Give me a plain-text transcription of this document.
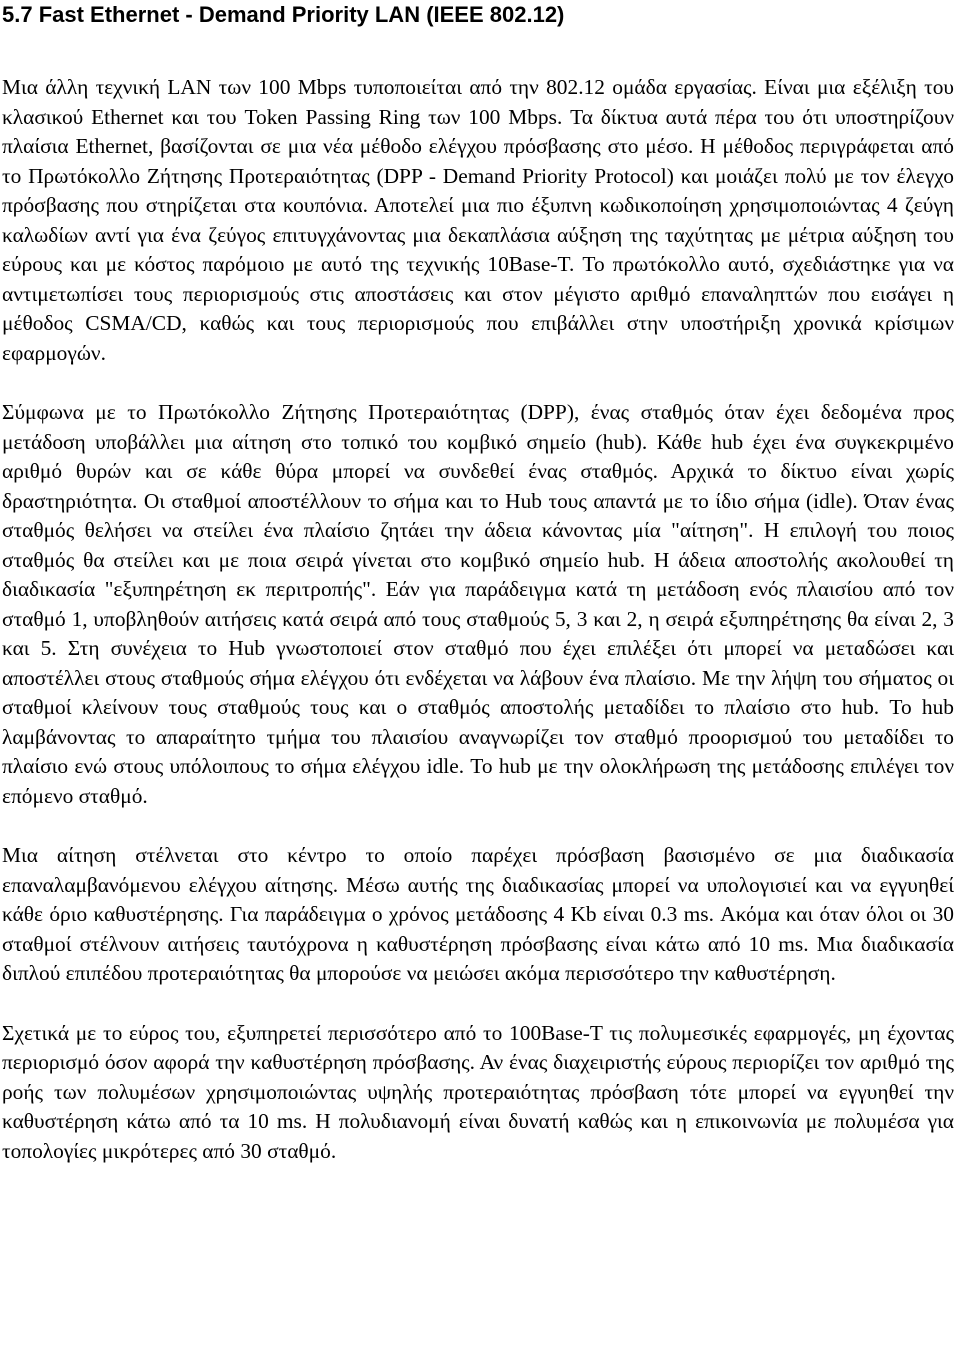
5.7 Fast Ethernet - Demand Priority LAN (IEEE 802.12)

Μια άλλη τεχνική LAN των 100 Mbps τυποποιείται από την 802.12 ομάδα εργασίας. Είναι μια εξέλιξη του κλασικού Ethernet και του Token Passing Ring των 100 Mbps. Τα δίκτυα αυτά πέρα του ότι υποστηρίζουν πλαίσια Ethernet, βασίζονται σε μια νέα μέθοδο ελέγχου πρόσβασης στο μέσο. Η μέθοδος περιγράφεται από το Πρωτόκολλο Ζήτησης Προτεραιότητας (DPP - Demand Priority Protocol) και μοιάζει πολύ με τον έλεγχο πρόσβασης που στηρίζεται στα κουπόνια. Αποτελεί μια πιο έξυπνη κωδικοποίηση χρησιμοποιώντας 4 ζεύγη καλωδίων αντί για ένα ζεύγος επιτυγχάνοντας μια δεκαπλάσια αύξηση της ταχύτητας με μέτρια αύξηση του εύρους και με κόστος παρόμοιο με αυτό της τεχνικής 10Base-T. Το πρωτόκολλο αυτό, σχεδιάστηκε για να αντιμετωπίσει τους περιορισμούς στις αποστάσεις και στον μέγιστο αριθμό επαναληπτών που εισάγει η μέθοδος CSMA/CD, καθώς και τους περιορισμούς που επιβάλλει στην υποστήριξη χρονικά κρίσιμων εφαρμογών.

Σύμφωνα με το Πρωτόκολλο Ζήτησης Προτεραιότητας (DPP), ένας σταθμός όταν έχει δεδομένα προς μετάδοση υποβάλλει μια αίτηση στο τοπικό του κομβικό σημείο (hub). Κάθε hub έχει ένα συγκεκριμένο αριθμό θυρών και σε κάθε θύρα μπορεί να συνδεθεί ένας σταθμός. Αρχικά το δίκτυο είναι χωρίς δραστηριότητα. Οι σταθμοί αποστέλλουν το σήμα και το Hub τους απαντά με το ίδιο σήμα (idle). Όταν ένας σταθμός θελήσει να στείλει ένα πλαίσιο ζητάει την άδεια κάνοντας μία "αίτηση". Η επιλογή του ποιος σταθμός θα στείλει και με ποια σειρά γίνεται στο κομβικό σημείο hub. Η άδεια αποστολής ακολουθεί τη διαδικασία "εξυπηρέτηση εκ περιτροπής". Εάν για παράδειγμα κατά τη μετάδοση ενός πλαισίου από τον σταθμό 1, υποβληθούν αιτήσεις κατά σειρά από τους σταθμούς 5, 3 και 2, η σειρά εξυπηρέτησης θα είναι 2, 3 και 5. Στη συνέχεια το Hub γνωστοποιεί στον σταθμό που έχει επιλέξει ότι μπορεί να μεταδώσει και αποστέλλει στους σταθμούς σήμα ελέγχου ότι ενδέχεται να λάβουν ένα πλαίσιο. Με την λήψη του σήματος οι σταθμοί κλείνουν τους σταθμούς τους και ο σταθμός αποστολής μεταδίδει το πλαίσιο στο hub. Το hub λαμβάνοντας το απαραίτητο τμήμα του πλαισίου αναγνωρίζει τον σταθμό προορισμού του μεταδίδει το πλαίσιο ενώ στους υπόλοιπους το σήμα ελέγχου idle. Το hub με την ολοκλήρωση της μετάδοσης επιλέγει τον επόμενο σταθμό.

Μια αίτηση στέλνεται στο κέντρο το οποίο παρέχει πρόσβαση βασισμένο σε μια διαδικασία επαναλαμβανόμενου ελέγχου αίτησης. Μέσω αυτής της διαδικασίας μπορεί να υπολογισιεί και να εγγυηθεί κάθε όριο καθυστέρησης. Για παράδειγμα ο χρόνος μετάδοσης 4 Kb είναι 0.3 ms. Ακόμα και όταν όλοι οι 30 σταθμοί στέλνουν αιτήσεις ταυτόχρονα η καθυστέρηση πρόσβασης είναι κάτω από 10 ms. Μια διαδικασία διπλού επιπέδου προτεραιότητας θα μπορούσε να μειώσει ακόμα περισσότερο την καθυστέρηση.

Σχετικά με το εύρος του, εξυπηρετεί περισσότερο από το 100Base-T τις πολυμεσικές εφαρμογές, μη έχοντας περιορισμό όσον αφορά την καθυστέρηση πρόσβασης. Αν ένας διαχειριστής εύρους περιορίζει τον αριθμό της ροής των πολυμέσων χρησιμοποιώντας υψηλής προτεραιότητας πρόσβαση τότε μπορεί να εγγυηθεί την καθυστέρηση κάτω από τα 10 ms. Η πολυδιανομή είναι δυνατή καθώς και η επικοινωνία με πολυμέσα για τοπολογίες μικρότερες από 30 σταθμό.
